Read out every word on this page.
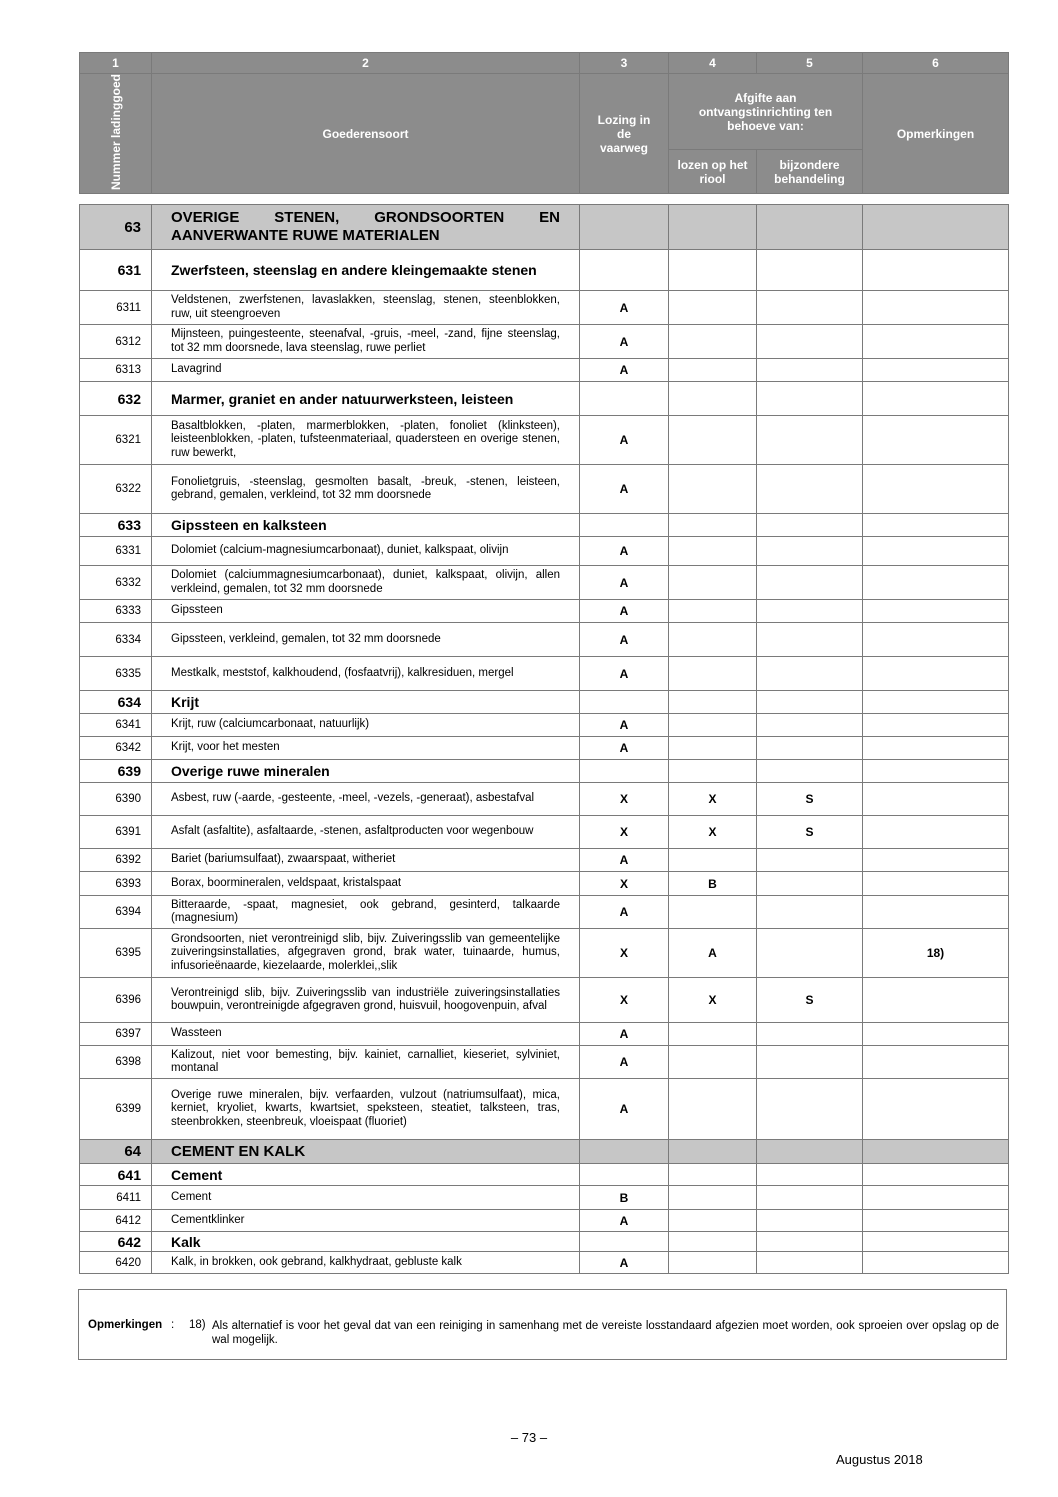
1	2	3	4	5	6
Nummer ladinggoed	Goederensoort	Lozing in de vaarweg	Afgifte aan ontvangstinrichting ten behoeve van:		Opmerkingen
			lozen op het riool	bijzondere behandeling	
63	OVERIGE STENEN, GRONDSOORTEN EN AANVERWANTE RUWE MATERIALEN				
631	Zwerfsteen, steenslag en andere kleingemaakte stenen				
6311	Veldstenen, zwerfstenen, lavaslakken, steenslag, stenen, steenblokken, ruw, uit steengroeven	A			
6312	Mijnsteen, puingesteente, steenafval, -gruis, -meel, -zand, fijne steenslag, tot 32 mm doorsnede, lava steenslag, ruwe perliet	A			
6313	Lavagrind	A			
632	Marmer, graniet en ander natuurwerksteen, leisteen				
6321	Basaltblokken, -platen, marmerblokken, -platen, fonoliet (klinksteen), leisteenblokken, -platen, tufsteenmateriaal, quadersteen en overige stenen, ruw bewerkt,	A			
6322	Fonolietgruis, -steenslag, gesmolten basalt, -breuk, -stenen, leisteen, gebrand, gemalen, verkleind, tot 32 mm doorsnede	A			
633	Gipssteen en kalksteen				
6331	Dolomiet (calcium-magnesiumcarbonaat), duniet, kalkspaat, olivijn	A			
6332	Dolomiet (calciummagnesiumcarbonaat), duniet, kalkspaat, olivijn, allen verkleind, gemalen, tot 32 mm doorsnede	A			
6333	Gipssteen	A			
6334	Gipssteen, verkleind, gemalen, tot 32 mm doorsnede	A			
6335	Mestkalk, meststof, kalkhoudend, (fosfaatvrij), kalkresiduen, mergel	A			
634	Krijt				
6341	Krijt, ruw (calciumcarbonaat, natuurlijk)	A			
6342	Krijt, voor het mesten	A			
639	Overige ruwe mineralen				
6390	Asbest, ruw (-aarde, -gesteente, -meel, -vezels, -generaat), asbestafval	X	X	S	
6391	Asfalt (asfaltite), asfaltaarde, -stenen, asfaltproducten voor wegenbouw	X	X	S	
6392	Bariet (bariumsulfaat), zwaarspaat, witheriet	A			
6393	Borax, boormineralen, veldspaat, kristalspaat	X	B		
6394	Bitteraarde, -spaat, magnesiet, ook gebrand, gesinterd, talkaarde (magnesium)	A			
6395	Grondsoorten, niet verontreinigd slib, bijv. Zuiveringsslib van gemeentelijke zuiveringsinstallaties, afgegraven grond, brak water, tuinaarde, humus, infusorieënaarde, kiezelaarde, molerklei,,slik	X	A		18)
6396	Verontreinigd slib, bijv. Zuiveringsslib van industriële zuiveringsinstallaties bouwpuin, verontreinigde afgegraven grond, huisvuil, hoogovenpuin, afval	X	X	S	
6397	Wassteen	A			
6398	Kalizout, niet voor bemesting, bijv. kainiet, carnalliet, kieseriet, sylviniet, montanal	A			
6399	Overige ruwe mineralen, bijv. verfaarden, vulzout (natriumsulfaat), mica, kerniet, kryoliet, kwarts, kwartsiet, speksteen, steatiet, talksteen, tras, steenbrokken, steenbreuk, vloeispaat (fluoriet)	A			
64	CEMENT EN KALK				
641	Cement				
6411	Cement	B			
6412	Cementklinker	A			
642	Kalk				
6420	Kalk, in brokken, ook gebrand, kalkhydraat, gebluste kalk	A			
Opmerkingen : 18) Als alternatief is voor het geval dat van een reiniging in samenhang met de vereiste losstandaard afgezien moet worden, ook sproeien over opslag op de wal mogelijk.
– 73 –
Augustus 2018
